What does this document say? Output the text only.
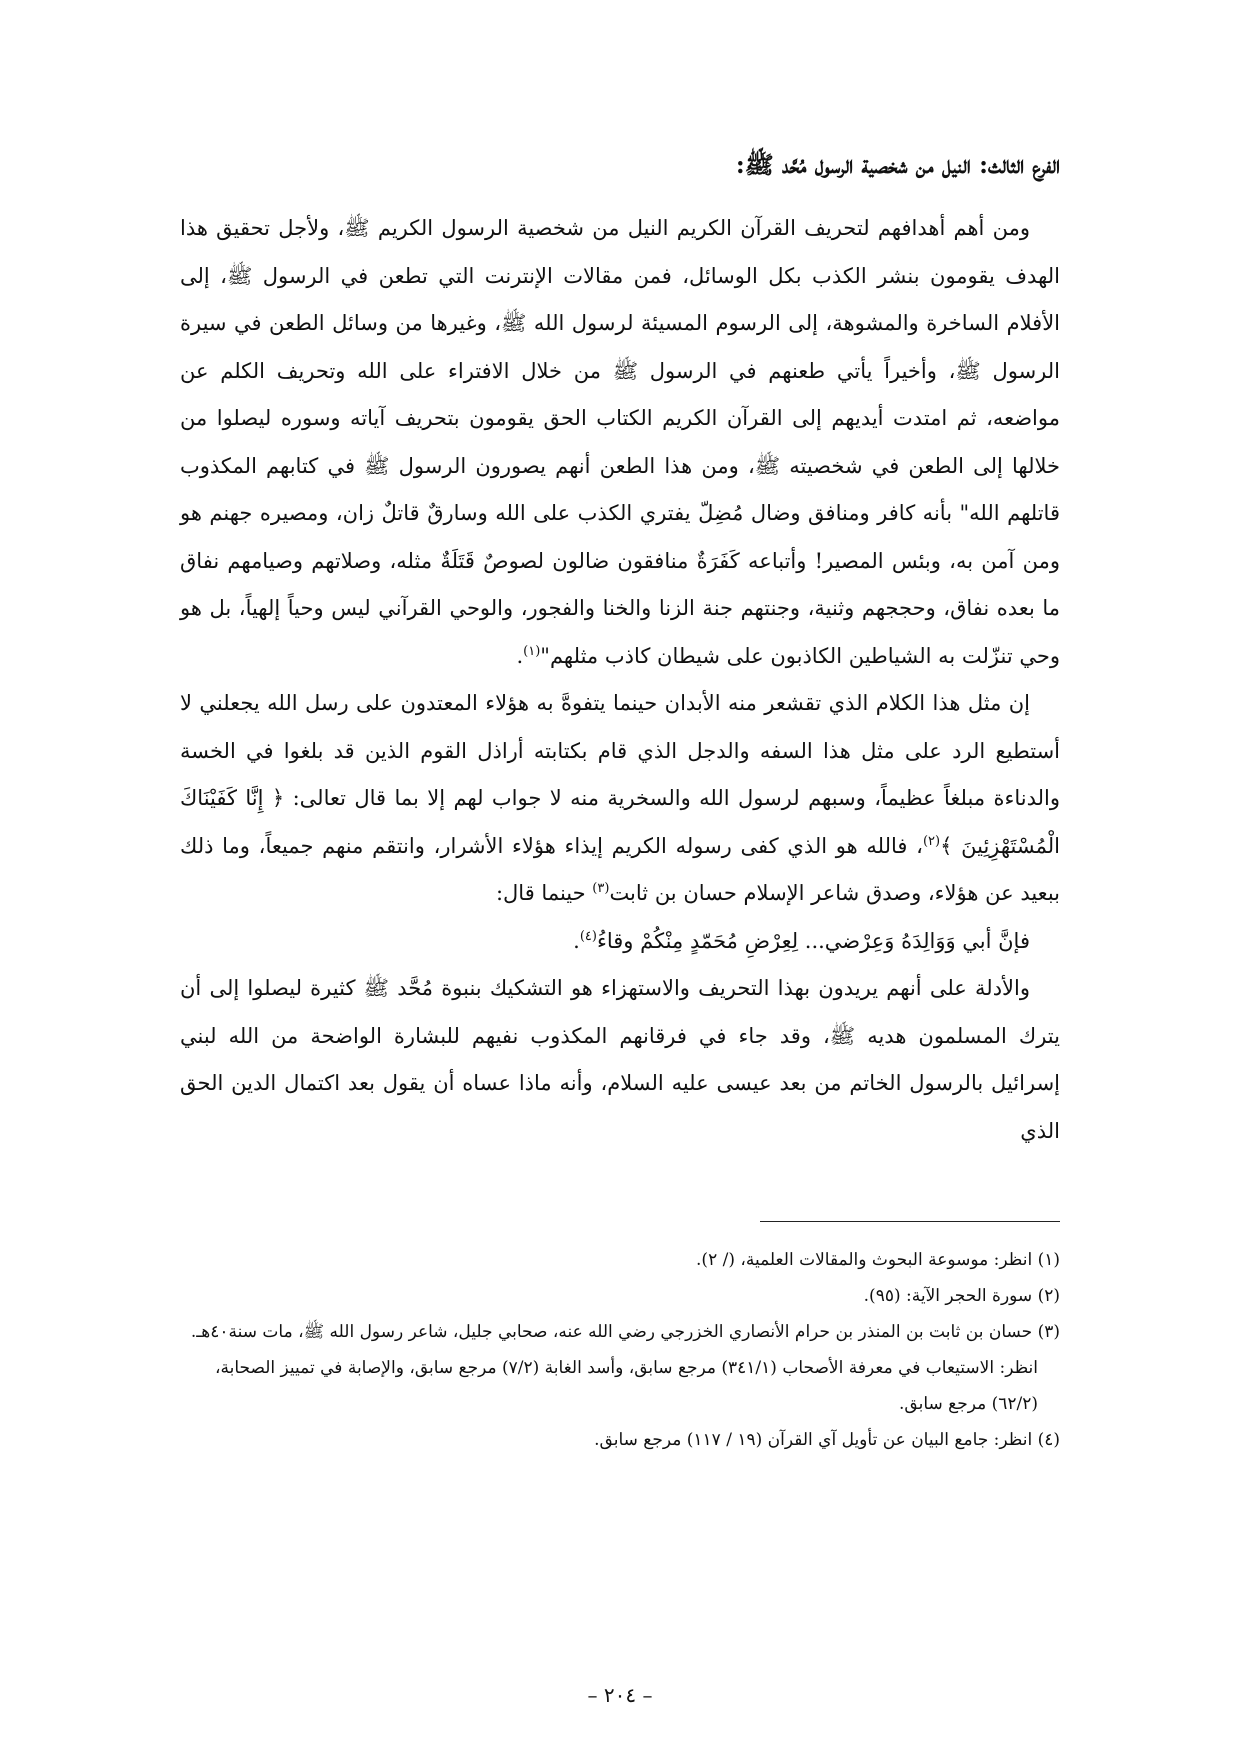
الفرع الثالث: النيل من شخصية الرسول مُحَّد ﷺ:

ومن أهم أهدافهم لتحريف القرآن الكريم النيل من شخصية الرسول الكريم ﷺ، ولأجل تحقيق هذا الهدف يقومون بنشر الكذب بكل الوسائل، فمن مقالات الإنترنت التي تطعن في الرسول ﷺ، إلى الأفلام الساخرة والمشوهة، إلى الرسوم المسيئة لرسول الله ﷺ، وغيرها من وسائل الطعن في سيرة الرسول ﷺ، وأخيراً يأتي طعنهم في الرسول ﷺ من خلال الافتراء على الله وتحريف الكلم عن مواضعه، ثم امتدت أيديهم إلى القرآن الكريم الكتاب الحق يقومون بتحريف آياته وسوره ليصلوا من خلالها إلى الطعن في شخصيته ﷺ، ومن هذا الطعن أنهم يصورون الرسول ﷺ في كتابهم المكذوب قاتلهم الله" بأنه كافر ومنافق وضال مُضِلّ يفتري الكذب على الله وسارقٌ قاتلٌ زان، ومصيره جهنم هو ومن آمن به، وبئس المصير! وأتباعه كَفَرَةٌ منافقون ضالون لصوصٌ قَتَلَةٌ مثله، وصلاتهم وصيامهم نفاق ما بعده نفاق، وحججهم وثنية، وجنتهم جنة الزنا والخنا والفجور، والوحي القرآني ليس وحياً إلهياً، بل هو وحي تنزّلت به الشياطين الكاذبون على شيطان كاذب مثلهم"$^{(١)}$.

إن مثل هذا الكلام الذي تقشعر منه الأبدان حينما يتفوهَّ به هؤلاء المعتدون على رسل الله يجعلني لا أستطيع الرد على مثل هذا السفه والدجل الذي قام بكتابته أراذل القوم الذين قد بلغوا في الخسة والدناءة مبلغاً عظيماً، وسبهم لرسول الله والسخرية منه لا جواب لهم إلا بما قال تعالى: ﴿ إِنَّا كَفَيْنَاكَ الْمُسْتَهْزِئِينَ ﴾$^{(٢)}$، فالله هو الذي كفى رسوله الكريم إيذاء هؤلاء الأشرار، وانتقم منهم جميعاً، وما ذلك ببعيد عن هؤلاء، وصدق شاعر الإسلام حسان بن ثابت$^{(٣)}$ حينما قال:

فإنَّ أبي وَوَالِدَهُ وَعِرْضي... لِعِرْضِ مُحَمّدٍ مِنْكُمْ وقاءُ$^{(٤)}$.

والأدلة على أنهم يريدون بهذا التحريف والاستهزاء هو التشكيك بنبوة مُحَّد ﷺ كثيرة ليصلوا إلى أن يترك المسلمون هديه ﷺ، وقد جاء في فرقانهم المكذوب نفيهم للبشارة الواضحة من الله لبني إسرائيل بالرسول الخاتم من بعد عيسى عليه السلام، وأنه ماذا عساه أن يقول بعد اكتمال الدين الحق الذي

(١) انظر: موسوعة البحوث والمقالات العلمية، (/ ٢).

(٢) سورة الحجر الآية: (٩٥).

(٣) حسان بن ثابت بن المنذر بن حرام الأنصاري الخزرجي رضي الله عنه، صحابي جليل، شاعر رسول الله ﷺ، مات سنة٤٠هـ.

انظر: الاستيعاب في معرفة الأصحاب (٣٤١/١) مرجع سابق، وأسد الغابة (٧/٢) مرجع سابق، والإصابة في تمييز الصحابة، (٦٢/٢) مرجع سابق.

(٤) انظر: جامع البيان عن تأويل آي القرآن (١٩ / ١١٧) مرجع سابق.

– ٢٠٤ –
